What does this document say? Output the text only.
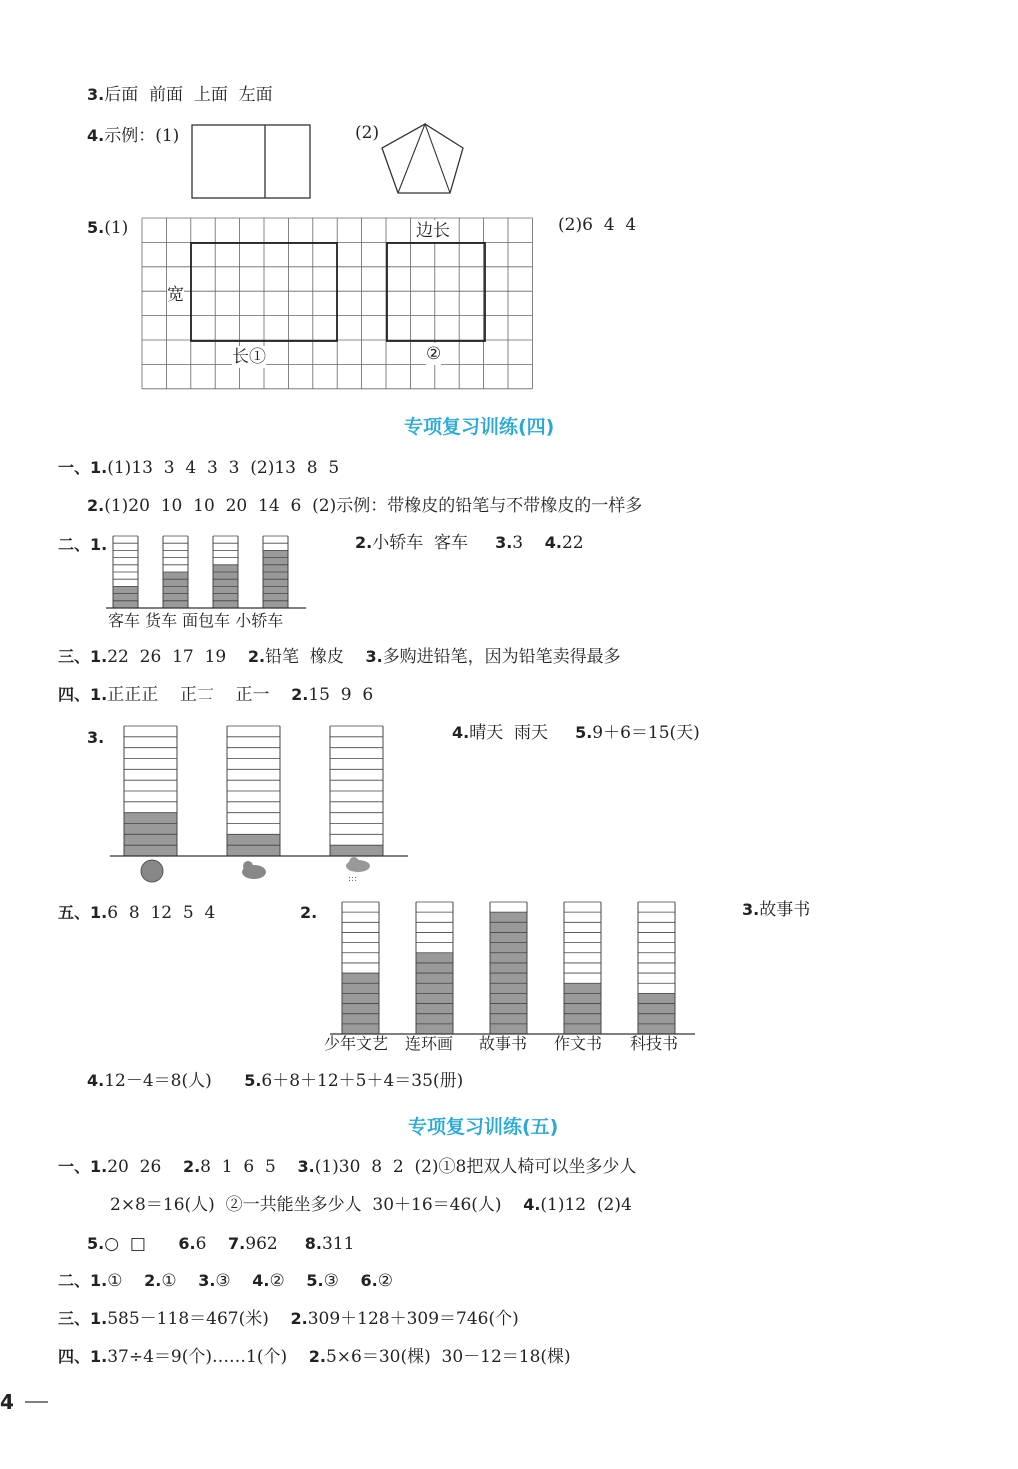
3.后面  前面  上面  左面
4.示例：(1)	(2)
:::
5.(1)	(2)6  4  4
宽
边长
长①	②
专项复习训练(四)
一、1.(1)13  3  4  3  3  (2)13  8  5
2.(1)20  10  10  20  14  6  (2)示例：带橡皮的铅笔与不带橡皮的一样多
二、1.	2.小轿车  客车 3.3 4.22
客车 货车 面包车 小轿车
三、1.22  26  17  19 2.铅笔  橡皮 3.多购进铅笔，因为铅笔卖得最多
四、1.正正正    正𠄟    正一 2.15  9  6
3.	4.晴天  雨天 5.9＋6＝15(天)
五、1.6  8  12  5  4	2.	3.故事书
少年文艺 连环画 故事书 作文书 科技书
4.12－4＝8(人) 5.6＋8＋12＋5＋4＝35(册)
专项复习训练(五)
一、1.20  26 2.8  1  6  5 3.(1)30  8  2  (2)①8把双人椅可以坐多少人
2×8＝16(人)  ②一共能坐多少人  30＋16＝46(人) 4.(1)12  (2)4
5.○  □ 6.6 7.962 8.311
二、1.① 2.① 3.③ 4.② 5.③ 6.②
三、1.585－118＝467(米) 2.309＋128＋309＝746(个)
四、1.37÷4＝9(个)……1(个) 2.5×6＝30(棵)  30－12＝18(棵)
4
